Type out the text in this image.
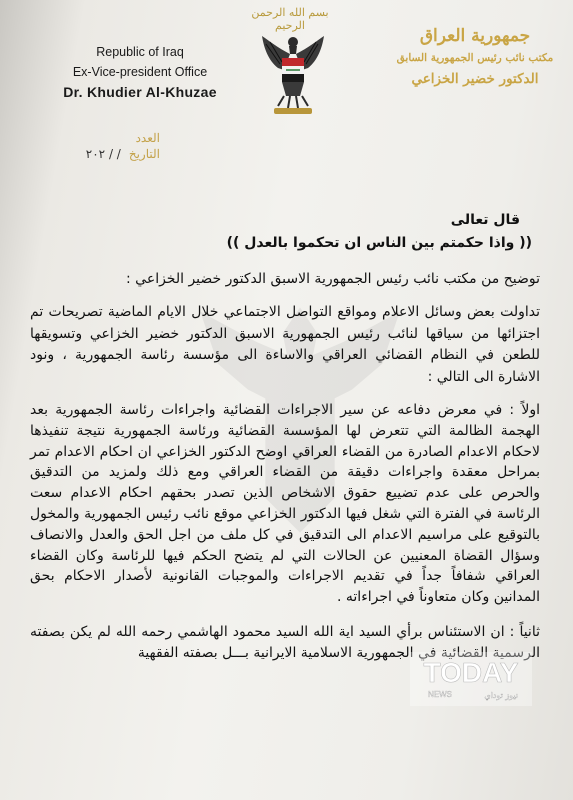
بسم الله الرحمن الرحيم
Republic of Iraq
Ex-Vice-president Office
Dr. Khudier Al-Khuzae
جمهورية العراق
مكتب نائب رئيس الجمهورية السابق
الدكتور خضير الخزاعي
العدد
التاريخ
/ / ٢٠٢
قال تعالى
(( واذا حكمتم بين الناس ان تحكموا بالعدل ))
توضيح من مكتب نائب رئيس الجمهورية الاسبق الدكتور خضير الخزاعي :
تداولت بعض وسائل الاعلام ومواقع التواصل الاجتماعي خلال الايام الماضية تصريحات تم اجتزائها من سياقها لنائب رئيس الجمهورية الاسبق الدكتور خضير الخزاعي وتسويقها للطعن في النظام القضائي العراقي والاساءة الى مؤسسة رئاسة الجمهورية ، ونود الاشارة الى التالي :
اولاً : في معرض دفاعه عن سير الاجراءات القضائية واجراءات رئاسة الجمهورية بعد الهجمة الظالمة التي تتعرض لها المؤسسة القضائية ورئاسة الجمهورية نتيجة تنفيذها لاحكام الاعدام الصادرة من القضاء العراقي اوضح الدكتور الخزاعي ان احكام الاعدام تمر بمراحل معقدة واجراءات دقيقة من القضاء العراقي ومع ذلك ولمزيد من التدقيق والحرص على عدم تضييع حقوق الاشخاص الذين تصدر بحقهم احكام الاعدام سعت الرئاسة في الفترة التي شغل فيها الدكتور الخزاعي موقع نائب رئيس الجمهورية والمخول بالتوقيع على مراسيم الاعدام الى التدقيق في كل ملف من اجل الحق والعدل والانصاف وسؤال القضاة المعنيين عن الحالات التي لم يتضح الحكم فيها للرئاسة وكان القضاء العراقي شفافاً جداً في تقديم الاجراءات والموجبات القانونية لأصدار الاحكام بحق المدانين وكان متعاوناً في اجراءاته .
ثانياً : ان الاستئناس برأي السيد اية الله السيد محمود الهاشمي رحمه الله لم يكن بصفته الرسمية القضائية في الجمهورية الاسلامية الايرانية بـــل بصفته الفقهية
TODAY
NEWS	نيوز توداي
